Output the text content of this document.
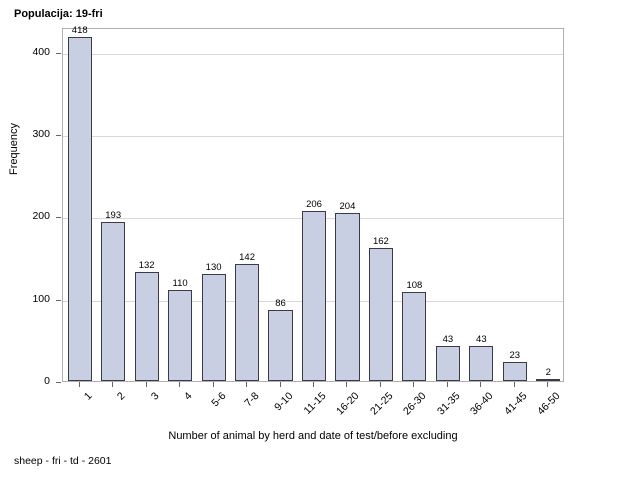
Populacija: 19-fri
Frequency
418
193
132
110
130
142
86
206	204
162
108
43	43
23
2
0
100
200
300
400
1	2	3	4	5-6	7-8 9-10 11-15 16-20 21-25 26-30 31-35 36-40 41-45 46-50
Number of animal by herd and date of test/before excluding
sheep - fri - td - 2601
